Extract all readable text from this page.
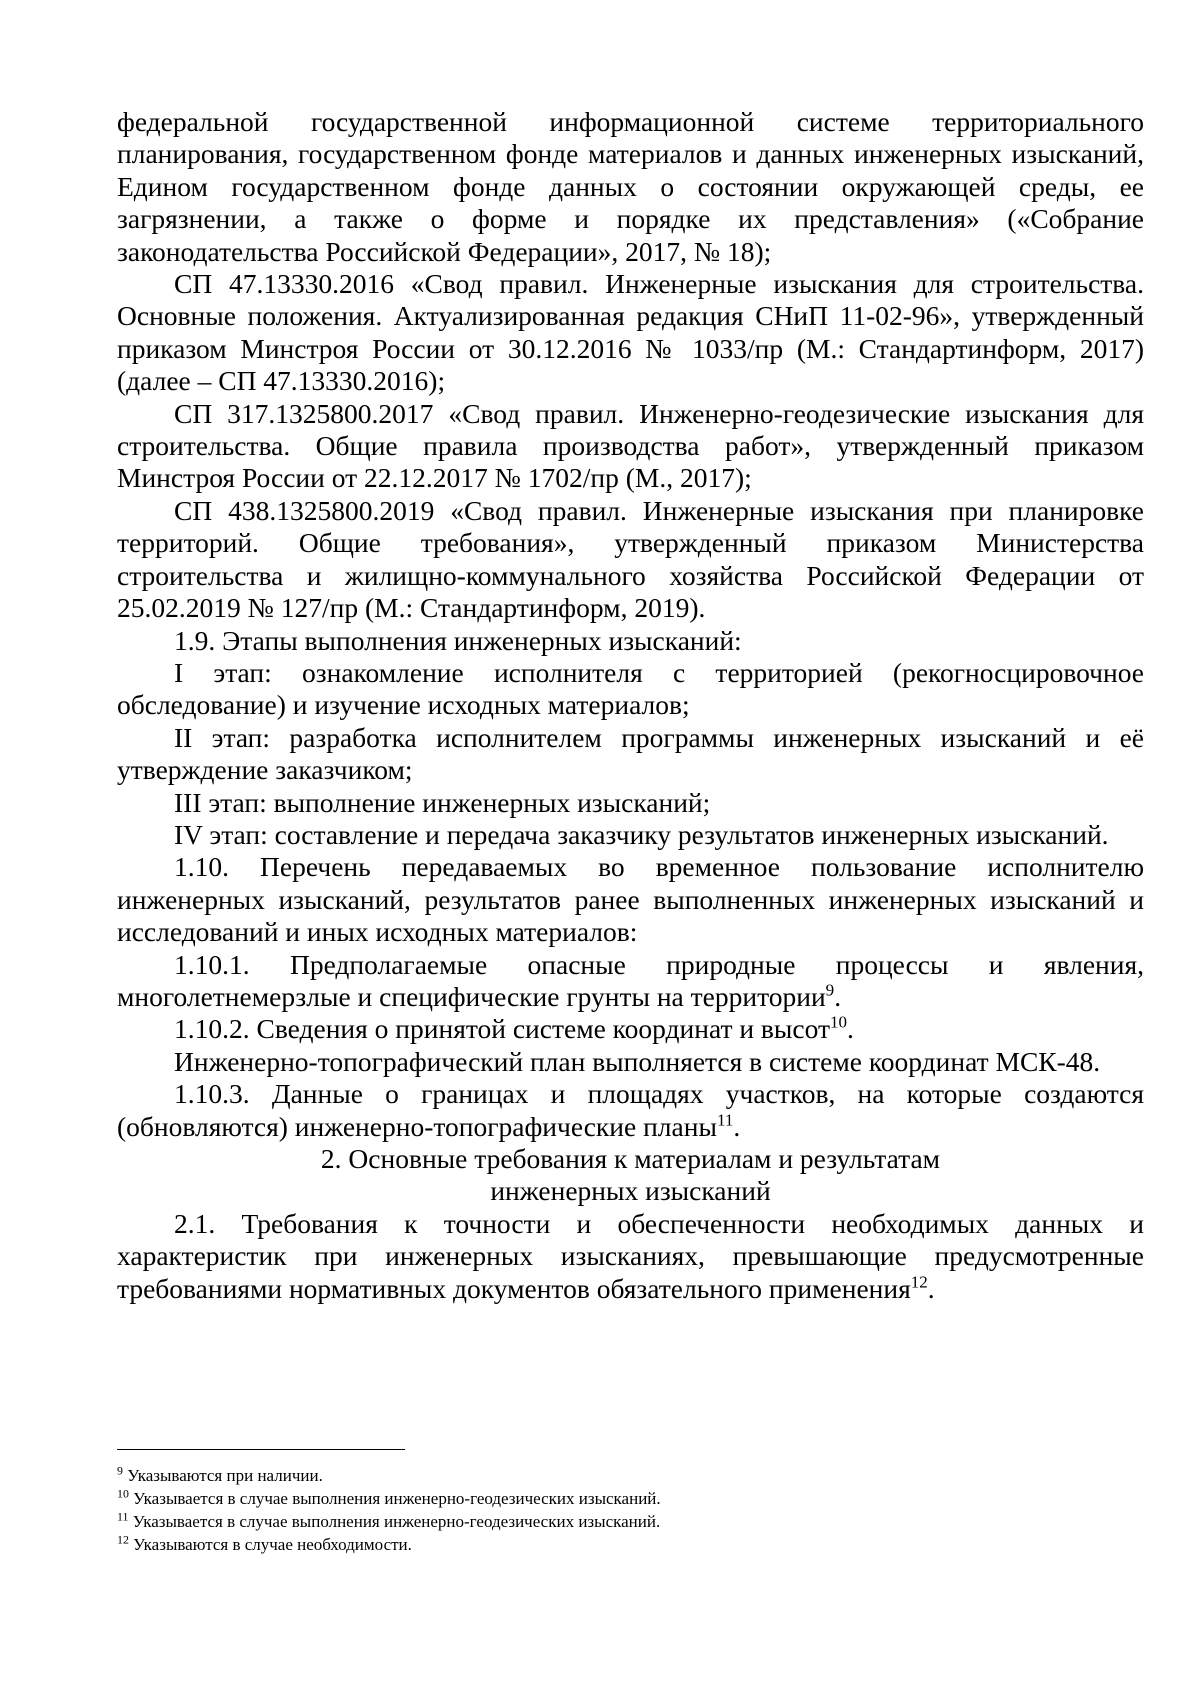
федеральной государственной информационной системе территориального планирования, государственном фонде материалов и данных инженерных изысканий, Едином государственном фонде данных о состоянии окружающей среды, ее загрязнении, а также о форме и порядке их представления» («Собрание законодательства Российской Федерации», 2017, № 18);

СП 47.13330.2016 «Свод правил. Инженерные изыскания для строительства. Основные положения. Актуализированная редакция СНиП 11-02-96», утвержденный приказом Минстроя России от 30.12.2016 № 1033/пр (М.: Стандартинформ, 2017) (далее – СП 47.13330.2016);

СП 317.1325800.2017 «Свод правил. Инженерно-геодезические изыскания для строительства. Общие правила производства работ», утвержденный приказом Минстроя России от 22.12.2017 № 1702/пр (М., 2017);

СП 438.1325800.2019 «Свод правил. Инженерные изыскания при планировке территорий. Общие требования», утвержденный приказом Министерства строительства и жилищно-коммунального хозяйства Российской Федерации от 25.02.2019 № 127/пр (М.: Стандартинформ, 2019).

1.9. Этапы выполнения инженерных изысканий:

I этап: ознакомление исполнителя с территорией (рекогносцировочное обследование) и изучение исходных материалов;

II этап: разработка исполнителем программы инженерных изысканий и её утверждение заказчиком;

III этап: выполнение инженерных изысканий;

IV этап: составление и передача заказчику результатов инженерных изысканий.

1.10. Перечень передаваемых во временное пользование исполнителю инженерных изысканий, результатов ранее выполненных инженерных изысканий и исследований и иных исходных материалов:

1.10.1. Предполагаемые опасные природные процессы и явления, многолетнемерзлые и специфические грунты на территории$^9$.

1.10.2. Сведения о принятой системе координат и высот$^{10}$.

Инженерно-топографический план выполняется в системе координат МСК-48.

1.10.3. Данные о границах и площадях участков, на которые создаются (обновляются) инженерно-топографические планы$^{11}$.

2. Основные требования к материалам и результатам

инженерных изысканий

2.1. Требования к точности и обеспеченности необходимых данных и характеристик при инженерных изысканиях, превышающие предусмотренные требованиями нормативных документов обязательного применения$^{12}$.

$^9$ Указываются при наличии.

$^{10}$ Указывается в случае выполнения инженерно-геодезических изысканий.

$^{11}$ Указывается в случае выполнения инженерно-геодезических изысканий.

$^{12}$ Указываются в случае необходимости.
